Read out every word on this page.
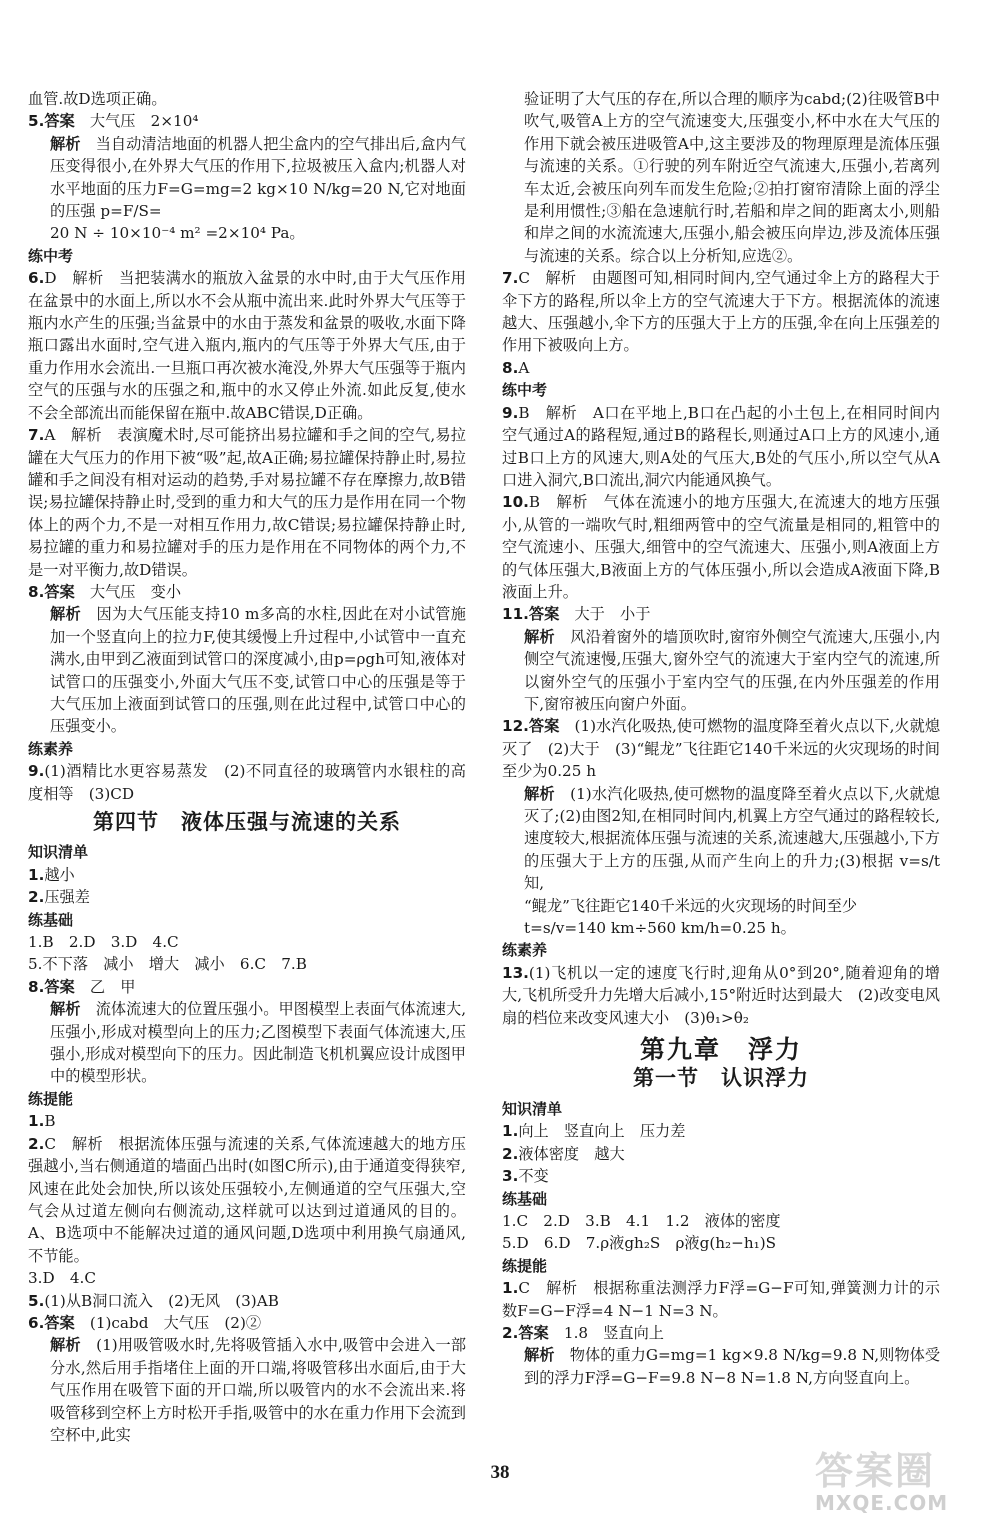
血管.故D选项正确。

5.答案　 大气压　2×10⁴

解析　 当自动清洁地面的机器人把尘盒内的空气排出后,盒内气压变得很小,在外界大气压的作用下,拉圾被压入盒内;机器人对水平地面的压力F=G=mg=2 kg×10 N/kg=20 N,它对地面的压强 p=F/S=

20 N ÷ 10×10⁻⁴ m² =2×10⁴ Pa。

练中考

6.D　解析　当把装满水的瓶放入盆景的水中时,由于大气压作用在盆景中的水面上,所以水不会从瓶中流出来.此时外界大气压等于瓶内水产生的压强;当盆景中的水由于蒸发和盆景的吸收,水面下降瓶口露出水面时,空气进入瓶内,瓶内的气压等于外界大气压,由于重力作用水会流出.一旦瓶口再次被水淹没,外界大气压强等于瓶内空气的压强与水的压强之和,瓶中的水又停止外流.如此反复,使水不会全部流出而能保留在瓶中.故ABC错误,D正确。

7.A　解析　表演魔术时,尽可能挤出易拉罐和手之间的空气,易拉罐在大气压力的作用下被“吸”起,故A正确;易拉罐保持静止时,易拉罐和手之间没有相对运动的趋势,手对易拉罐不存在摩擦力,故B错误;易拉罐保持静止时,受到的重力和大气的压力是作用在同一个物体上的两个力,不是一对相互作用力,故C错误;易拉罐保持静止时,易拉罐的重力和易拉罐对手的压力是作用在不同物体的两个力,不是一对平衡力,故D错误。

8.答案　 大气压　变小

解析　 因为大气压能支持10 m多高的水柱,因此在对小试管施加一个竖直向上的拉力F,使其缓慢上升过程中,小试管中一直充满水,由甲到乙液面到试管口的深度减小,由p=ρgh可知,液体对试管口的压强变小,外面大气压不变,试管口中心的压强是等于大气压加上液面到试管口的压强,则在此过程中,试管口中心的压强变小。

练素养

9.(1)酒精比水更容易蒸发　(2)不同直径的玻璃管内水银柱的高度相等　(3)CD

第四节　液体压强与流速的关系
知识清单

1.越小

2.压强差

练基础

1.B　2.D　3.D　4.C

5.不下落　减小　增大　减小　6.C　7.B

8.答案　 乙　甲

解析　 流体流速大的位置压强小。甲图模型上表面气体流速大,压强小,形成对模型向上的压力;乙图模型下表面气体流速大,压强小,形成对模型向下的压力。因此制造飞机机翼应设计成图甲中的模型形状。

练提能

1.B

2.C　解析　根据流体压强与流速的关系,气体流速越大的地方压强越小,当右侧通道的墙面凸出时(如图C所示),由于通道变得狭窄,风速在此处会加快,所以该处压强较小,左侧通道的空气压强大,空气会从过道左侧向右侧流动,这样就可以达到过道通风的目的。A、B选项中不能解决过道的通风问题,D选项中利用换气扇通风,不节能。

3.D　4.C

5.(1)从B洞口流入　(2)无风　(3)AB

6.答案　 (1)cabd　大气压　(2)②

解析　 (1)用吸管吸水时,先将吸管插入水中,吸管中会进入一部分水,然后用手指堵住上面的开口端,将吸管移出水面后,由于大气压作用在吸管下面的开口端,所以吸管内的水不会流出来.将吸管移到空杯上方时松开手指,吸管中的水在重力作用下会流到空杯中,此实

验证明了大气压的存在,所以合理的顺序为cabd;(2)往吸管B中吹气,吸管A上方的空气流速变大,压强变小,杯中水在大气压的作用下就会被压进吸管A中,这主要涉及的物理原理是流体压强与流速的关系。①行驶的列车附近空气流速大,压强小,若离列车太近,会被压向列车而发生危险;②拍打窗帘清除上面的浮尘是利用惯性;③船在急速航行时,若船和岸之间的距离太小,则船和岸之间的水流流速大,压强小,船会被压向岸边,涉及流体压强与流速的关系。综合以上分析知,应选②。

7.C　解析　由题图可知,相同时间内,空气通过伞上方的路程大于伞下方的路程,所以伞上方的空气流速大于下方。根据流体的流速越大、压强越小,伞下方的压强大于上方的压强,伞在向上压强差的作用下被吸向上方。

8.A

练中考

9.B　解析　A口在平地上,B口在凸起的小土包上,在相同时间内空气通过A的路程短,通过B的路程长,则通过A口上方的风速小,通过B口上方的风速大,则A处的气压大,B处的气压小,所以空气从A口进入洞穴,B口流出,洞穴内能通风换气。

10.B　解析　气体在流速小的地方压强大,在流速大的地方压强小,从管的一端吹气时,粗细两管中的空气流量是相同的,粗管中的空气流速小、压强大,细管中的空气流速大、压强小,则A液面上方的气体压强大,B液面上方的气体压强小,所以会造成A液面下降,B液面上升。

11.答案　 大于　小于

解析　 风沿着窗外的墙顶吹时,窗帘外侧空气流速大,压强小,内侧空气流速慢,压强大,窗外空气的流速大于室内空气的流速,所以窗外空气的压强小于室内空气的压强,在内外压强差的作用下,窗帘被压向窗户外面。

12.答案　 (1)水汽化吸热,使可燃物的温度降至着火点以下,火就熄灭了　(2)大于　(3)“鲲龙”飞往距它140千米远的火灾现场的时间至少为0.25 h

解析　 (1)水汽化吸热,使可燃物的温度降至着火点以下,火就熄灭了;(2)由图2知,在相同时间内,机翼上方空气通过的路程较长,速度较大,根据流体压强与流速的关系,流速越大,压强越小,下方的压强大于上方的压强,从而产生向上的升力;(3)根据 v=s/t 知,

“鲲龙”飞往距它140千米远的火灾现场的时间至少

t=s/v=140 km÷560 km/h=0.25 h。

练素养

13.(1)飞机以一定的速度飞行时,迎角从0°到20°,随着迎角的增大,飞机所受升力先增大后减小,15°附近时达到最大　(2)改变电风扇的档位来改变风速大小　(3)θ₁>θ₂

第九章　浮力
第一节　认识浮力
知识清单

1.向上　竖直向上　压力差

2.液体密度　越大

3.不变

练基础

1.C　2.D　3.B　4.1　1.2　液体的密度

5.D　6.D　7.ρ液gh₂S　ρ液g(h₂−h₁)S

练提能

1.C　解析　根据称重法测浮力F浮=G−F可知,弹簧测力计的示数F=G−F浮=4 N−1 N=3 N。

2.答案　 1.8　竖直向上

解析　 物体的重力G=mg=1 kg×9.8 N/kg=9.8 N,则物体受到的浮力F浮=G−F=9.8 N−8 N=1.8 N,方向竖直向上。

38	答案圈
MXQE.COM
